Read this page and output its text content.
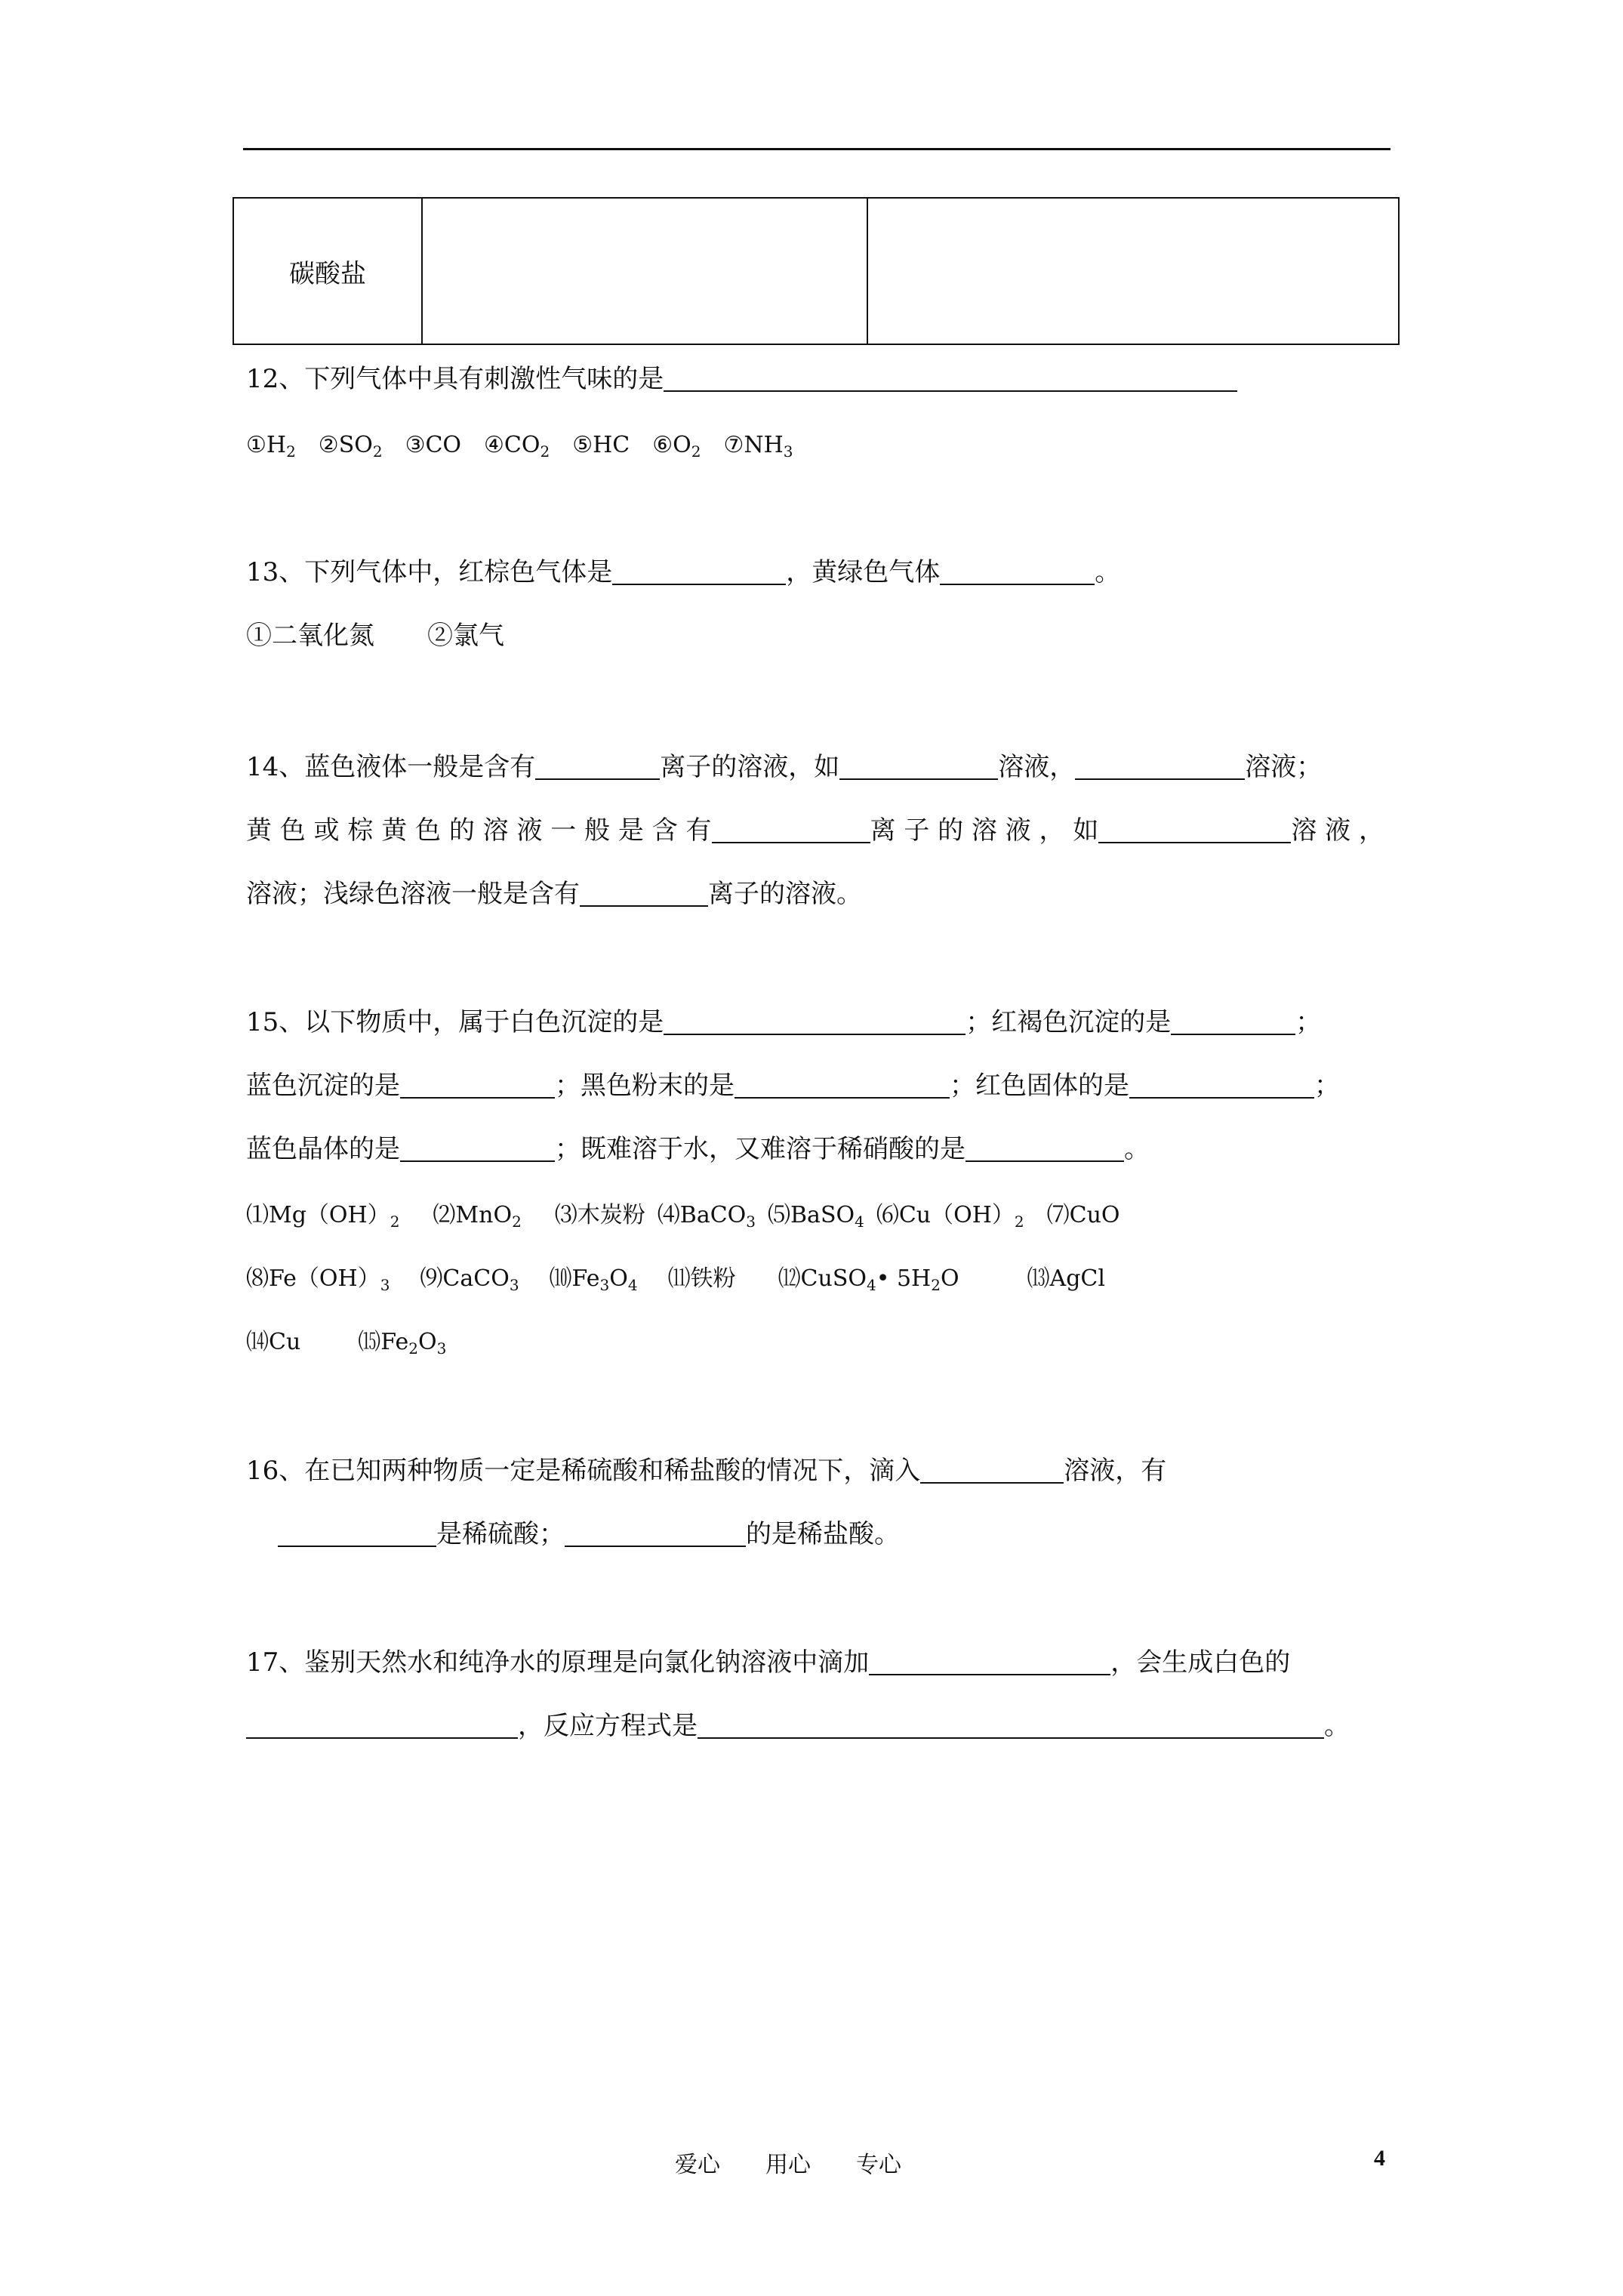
碳酸盐		
12、下列气体中具有刺激性气味的是
$①H_2$ $②SO_2$ ③CO $④CO_2$ ⑤HC $⑥O_2$ $⑦NH_3$
13、下列气体中，红棕色气体是	，黄绿色气体	。
①二氧化氮 ②氯气
14、蓝色液体一般是含有	离子的溶液，如	溶液，	溶液；
黄 色 或 棕 黄 色 的 溶 液 一 般 是 含 有	离 子 的 溶 液 ， 如	溶 液 ，
溶液；浅绿色溶液一般是含有	离子的溶液。
15、以下物质中，属于白色沉淀的是	；红褐色沉淀的是	；
蓝色沉淀的是	；黑色粉末的是	；红色固体的是	；
蓝色晶体的是	；既难溶于水，又难溶于稀硝酸的是	。
$⑴Mg(OH)_2$ ⑵MnO$_2$ ⑶木炭粉 ⑷BaCO$_3$ ⑸BaSO$_4$ $⑹Cu(OH)_2$ ⑺CuO
$⑻Fe(OH)_3$ ⑼CaCO$_3$ $⑽Fe_3O_4$ ⑾铁粉 ⑿CuSO$_4$• $5H_2O$	⒀AgCl
⒁Cu	$⒂Fe_2O_3$
16、在已知两种物质一定是稀硫酸和稀盐酸的情况下，滴入	溶液，有
是稀硫酸；	的是稀盐酸。
17、鉴别天然水和纯净水的原理是向氯化钠溶液中滴加	，会生成白色的
，反应方程式是	。
爱心　　用心　　专心	4
